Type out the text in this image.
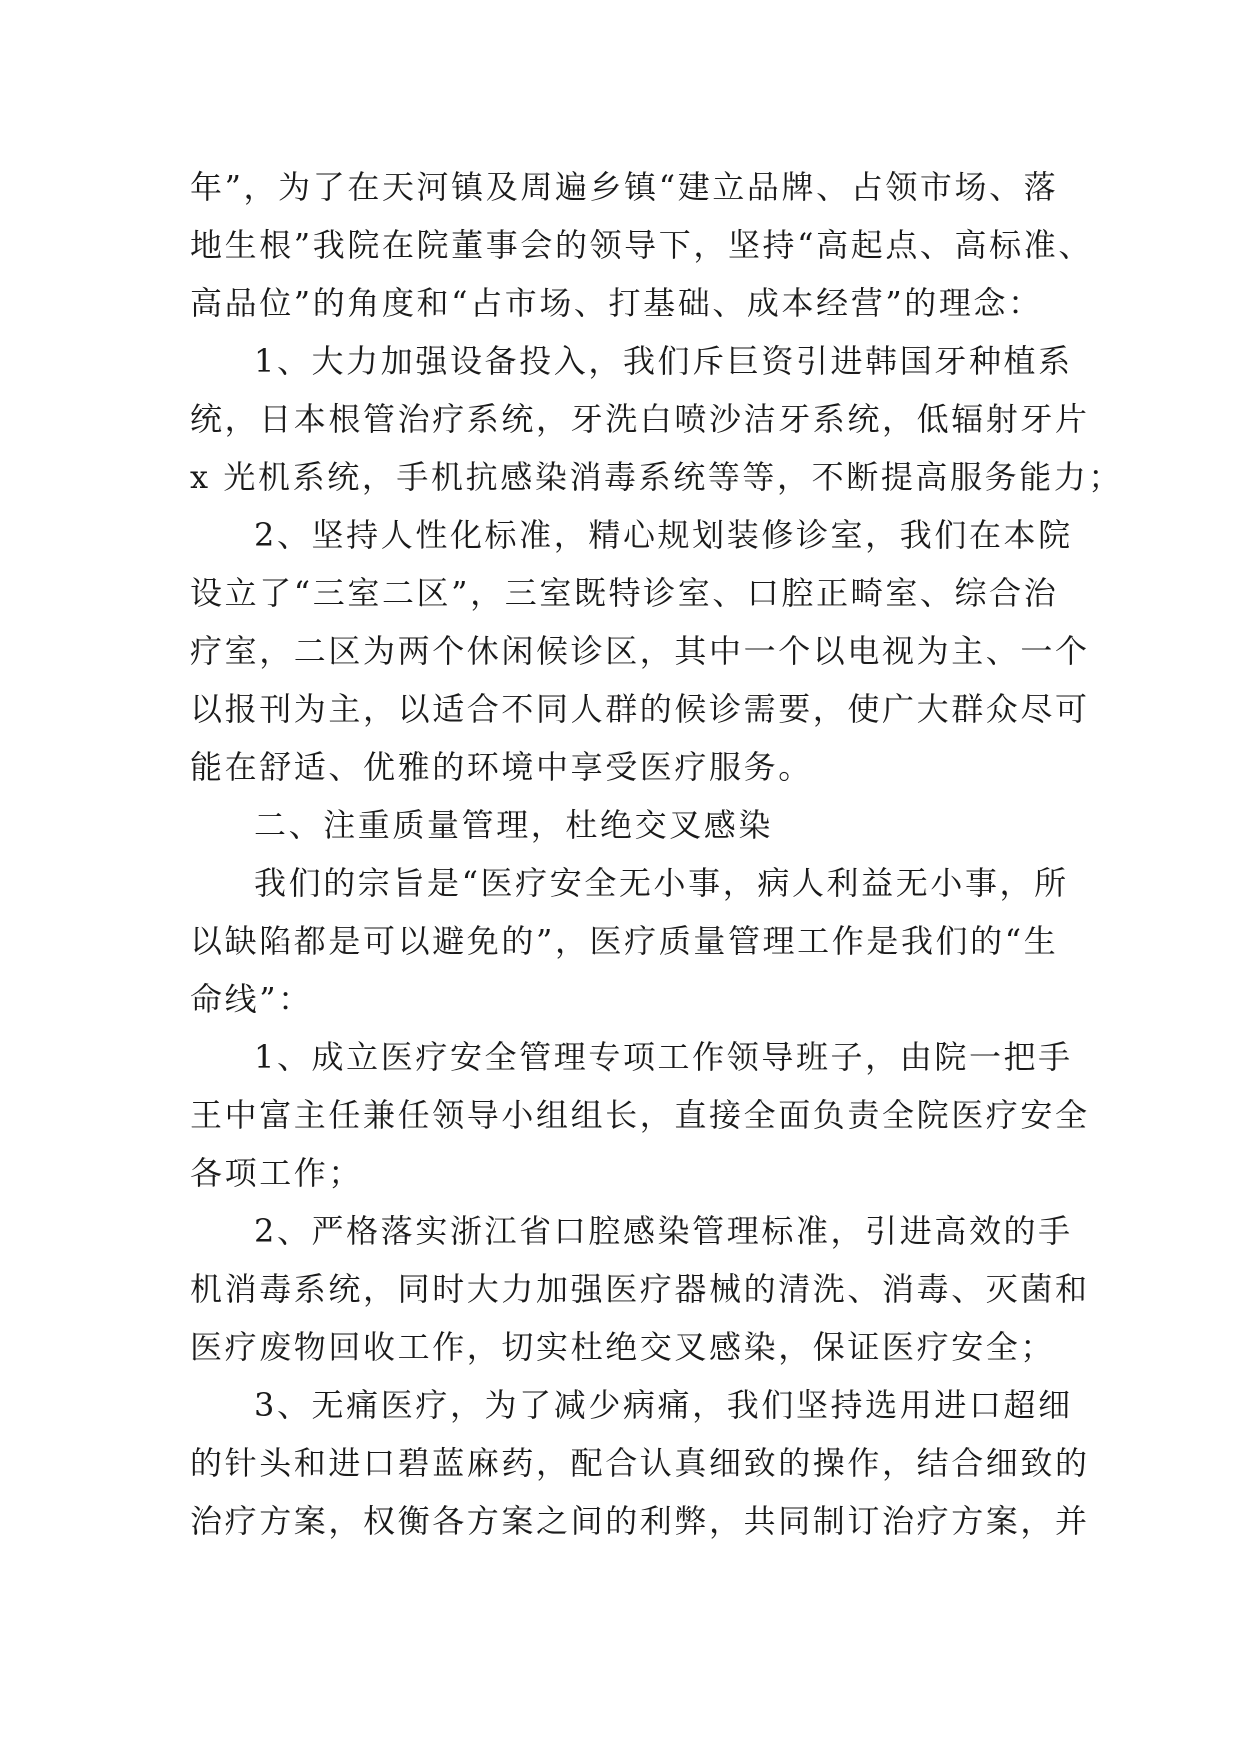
年”，为了在天河镇及周遍乡镇“建立品牌、占领市场、落
地生根”我院在院董事会的领导下，坚持“高起点、高标准、
高品位”的角度和“占市场、打基础、成本经营”的理念：
1、大力加强设备投入，我们斥巨资引进韩国牙种植系
统，日本根管治疗系统，牙洗白喷沙洁牙系统，低辐射牙片
x 光机系统，手机抗感染消毒系统等等，不断提高服务能力；
2、坚持人性化标准，精心规划装修诊室，我们在本院
设立了“三室二区”，三室既特诊室、口腔正畸室、综合治
疗室，二区为两个休闲候诊区，其中一个以电视为主、一个
以报刊为主，以适合不同人群的候诊需要，使广大群众尽可
能在舒适、优雅的环境中享受医疗服务。
二、注重质量管理，杜绝交叉感染
我们的宗旨是“医疗安全无小事，病人利益无小事，所
以缺陷都是可以避免的”，医疗质量管理工作是我们的“生
命线”：
1、成立医疗安全管理专项工作领导班子，由院一把手
王中富主任兼任领导小组组长，直接全面负责全院医疗安全
各项工作；
2、严格落实浙江省口腔感染管理标准，引进高效的手
机消毒系统，同时大力加强医疗器械的清洗、消毒、灭菌和
医疗废物回收工作，切实杜绝交叉感染，保证医疗安全；
3、无痛医疗，为了减少病痛，我们坚持选用进口超细
的针头和进口碧蓝麻药，配合认真细致的操作，结合细致的
治疗方案，权衡各方案之间的利弊，共同制订治疗方案，并
